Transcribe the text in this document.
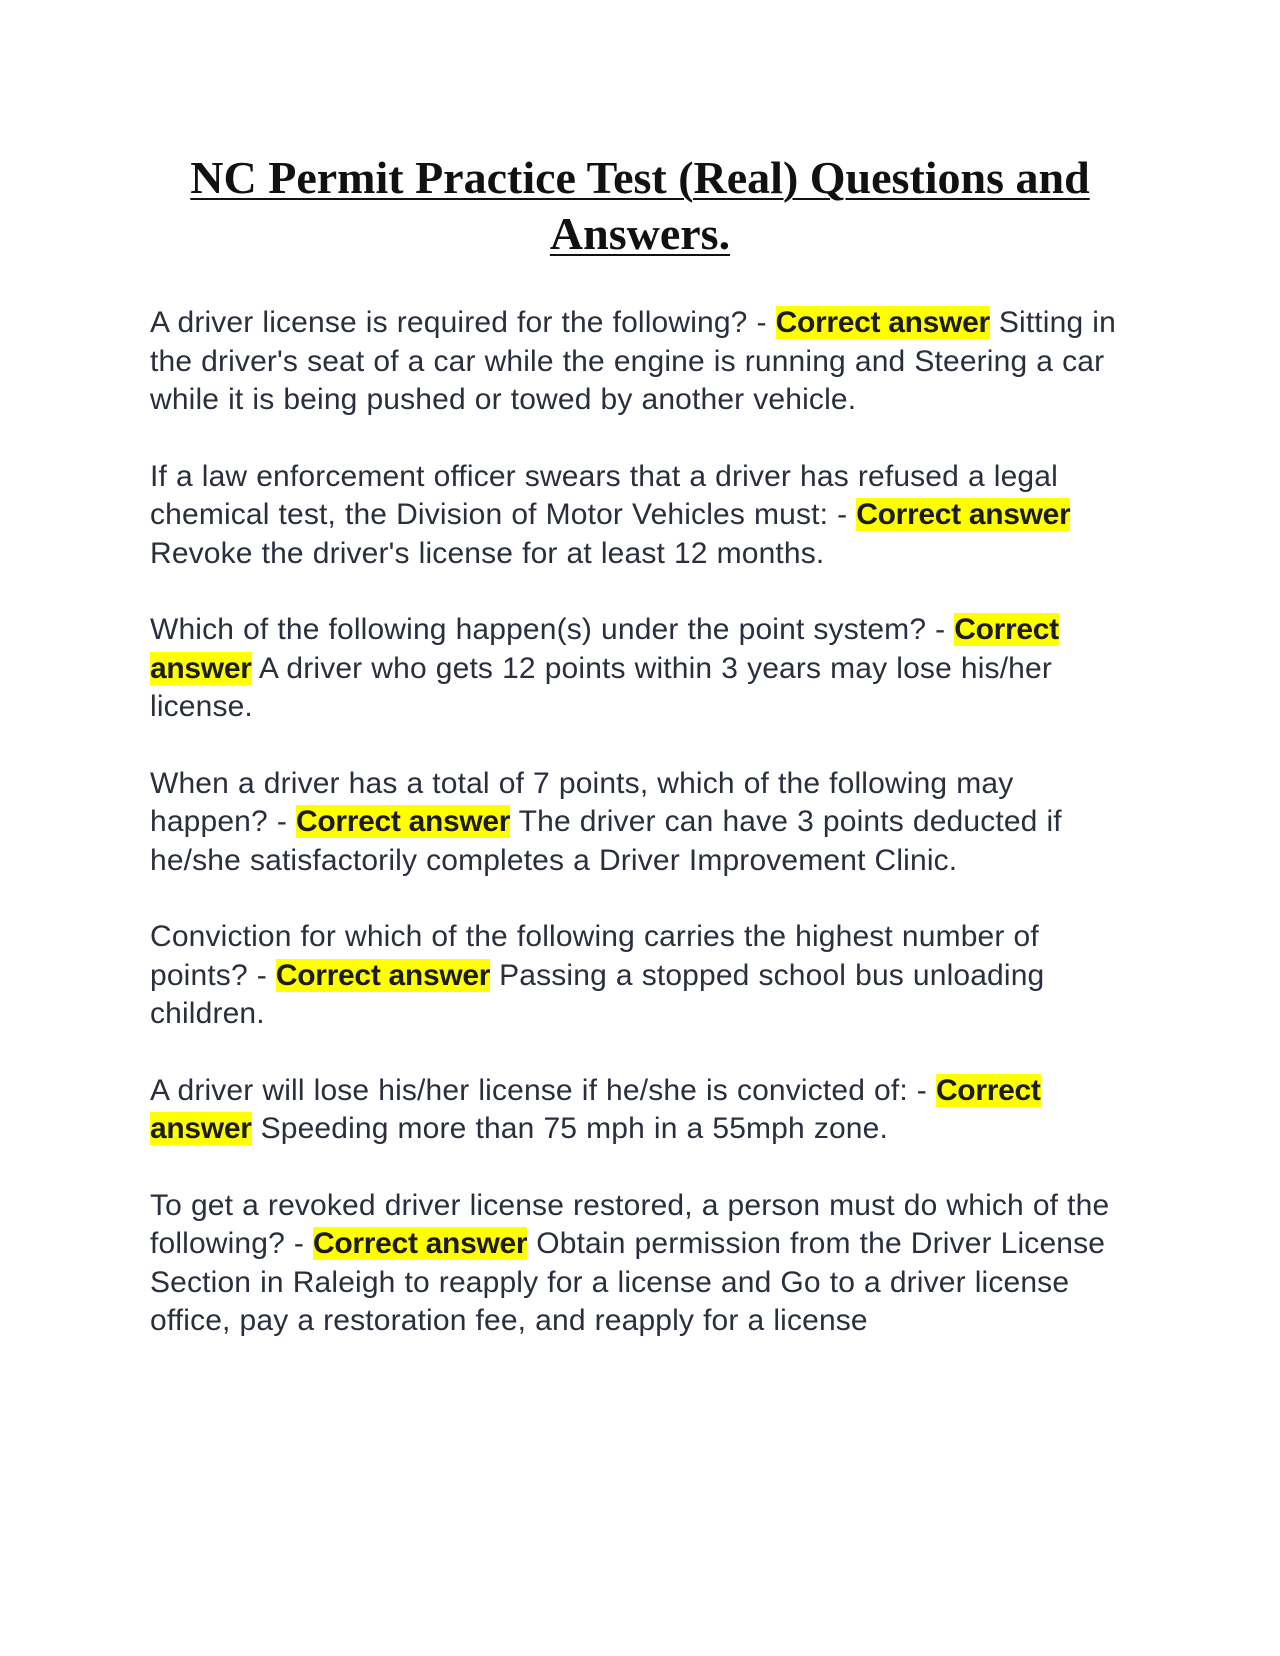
NC Permit Practice Test (Real) Questions and Answers.

A driver license is required for the following? - Correct answer Sitting in the driver's seat of a car while the engine is running and Steering a car while it is being pushed or towed by another vehicle.

If a law enforcement officer swears that a driver has refused a legal chemical test, the Division of Motor Vehicles must: - Correct answer Revoke the driver's license for at least 12 months.

Which of the following happen(s) under the point system? - Correct answer A driver who gets 12 points within 3 years may lose his/her license.

When a driver has a total of 7 points, which of the following may happen? - Correct answer The driver can have 3 points deducted if he/she satisfactorily completes a Driver Improvement Clinic.

Conviction for which of the following carries the highest number of points? - Correct answer Passing a stopped school bus unloading children.

A driver will lose his/her license if he/she is convicted of: - Correct answer Speeding more than 75 mph in a 55mph zone.

To get a revoked driver license restored, a person must do which of the following? - Correct answer Obtain permission from the Driver License Section in Raleigh to reapply for a license and Go to a driver license office, pay a restoration fee, and reapply for a license
